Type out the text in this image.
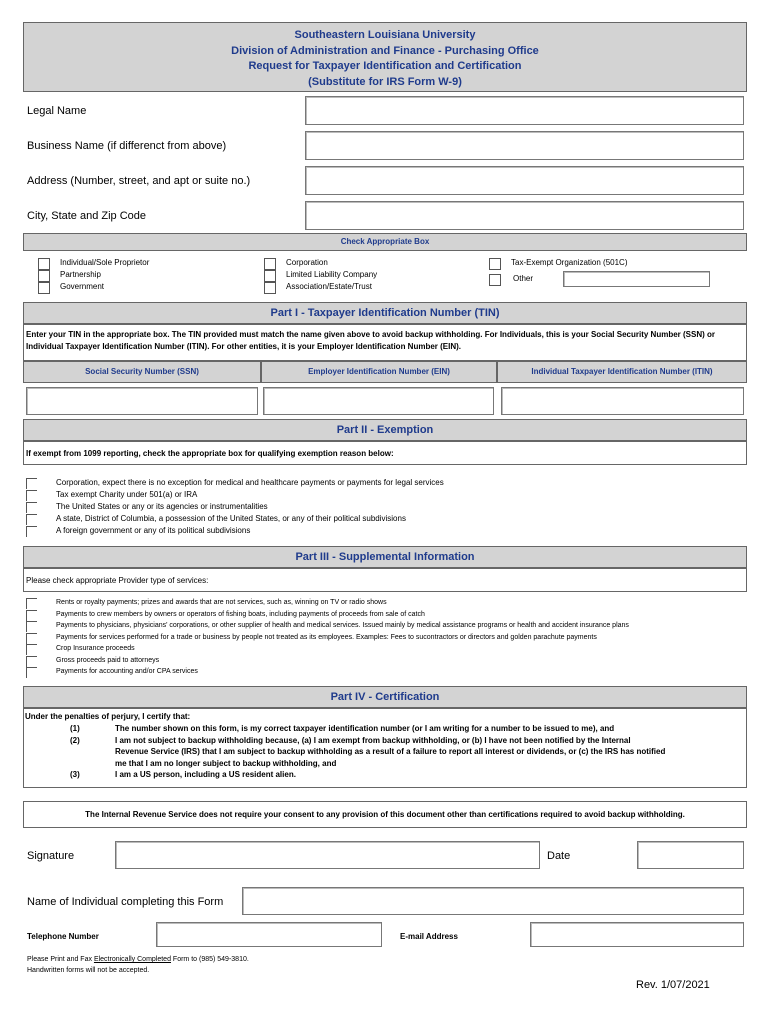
Southeastern Louisiana University
Division of Administration and Finance - Purchasing Office
Request for Taxpayer Identification and Certification
(Substitute for IRS Form W-9)
Legal Name
Business Name (if differenct from above)
Address (Number, street, and apt or suite no.)
City, State and Zip Code
Check Appropriate Box
Individual/Sole Proprietor
Partnership
Government
Corporation
Limited Liability Company
Association/Estate/Trust
Tax-Exempt Organization (501C)
Other
Part I - Taxpayer Identification Number (TIN)
Enter your TIN in the appropriate box. The TIN provided must match the name given above to avoid backup withholding. For Individuals, this is your Social Security Number (SSN) or Individual Taxpayer Identification Number (ITIN). For other entities, it is your Employer Identification Number (EIN).
Social Security Number (SSN)	Employer Identification Number (EIN)	Individual Taxpayer Identification Number (ITIN)
Part II - Exemption
If exempt from 1099 reporting, check the appropriate box for qualifying exemption reason below:
Corporation, expect there is no exception for medical and healthcare payments or payments for legal services
Tax exempt Charity under 501(a) or IRA
The United States or any or its agencies or instrumentalities
A state, District of Columbia, a possession of the United States, or any of their political subdivisions
A foreign government or any of its political subdivisions
Part III - Supplemental Information
Please check appropriate Provider type of services:
Rents or royalty payments; prizes and awards that are not services, such as, winning on TV or radio shows
Payments to crew members by owners or operators of fishing boats, including payments of proceeds from sale of catch
Payments to physicians, physicians' corporations, or other supplier of health and medical services. Issued mainly by medical assistance programs or health and accident insurance plans
Payments for services performed for a trade or business by people not treated as its employees. Examples: Fees to sucontractors or directors and golden parachute payments
Crop Insurance proceeds
Gross proceeds paid to attorneys
Payments for accounting and/or CPA services
Part IV - Certification
Under the penalties of perjury, I certify that:
(1)	The number shown on this form, is my correct taxpayer identification number (or I am writing for a number to be issued to me), and
(2)	I am not subject to backup withholding because, (a) I am exempt from backup withholding, or (b) I have not been notified by the Internal
Revenue Service (IRS) that I am subject to backup withholding as a result of a failure to report all interest or dividends, or (c) the IRS has notified
me that I am no longer subject to backup withholding, and
(3)	I am a US person, including a US resident alien.
The Internal Revenue Service does not require your consent to any provision of this document other than certifications required to avoid backup withholding.
Signature	Date
Name of Individual completing this Form
Telephone Number	E-mail Address
Please Print and Fax Electronically Completed Form to (985) 549-3810.
Handwritten forms will not be accepted.
Rev. 1/07/2021
